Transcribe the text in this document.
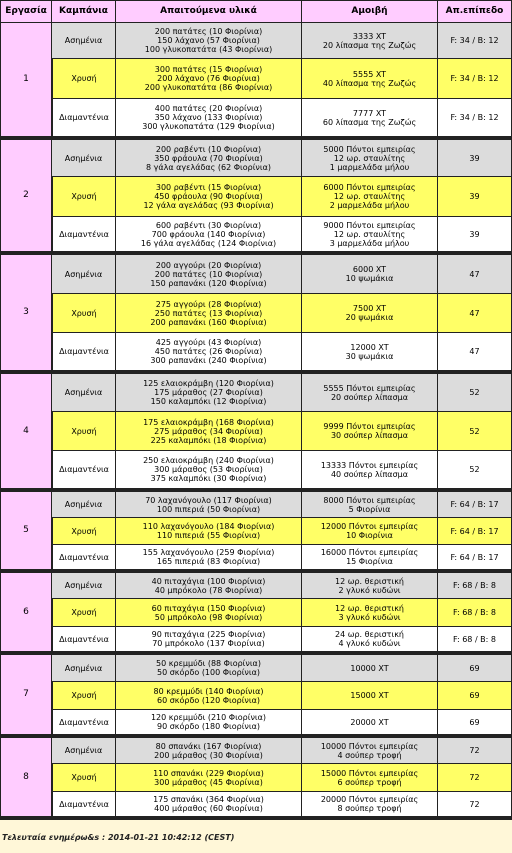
Εργασία	Καμπάνια	Απαιτούμενα υλικά	Αμοιβή	Απ.επίπεδο
1	Ασημένια	200 πατάτες (10 Φιορίνια)
150 λάχανο (57 Φιορίνια)
100 γλυκοπατάτα (43 Φιορίνια)	3333 XT
20 λίπασμα της Ζωζώς	F: 34 / B: 12
	Χρυσή	300 πατάτες (15 Φιορίνια)
200 λάχανο (76 Φιορίνια)
200 γλυκοπατάτα (86 Φιορίνια)	5555 XT
40 λίπασμα της Ζωζώς	F: 34 / B: 12
	Διαμαντένια	400 πατάτες (20 Φιορίνια)
350 λάχανο (133 Φιορίνια)
300 γλυκοπατάτα (129 Φιορίνια)	7777 XT
60 λίπασμα της Ζωζώς	F: 34 / B: 12
2	Ασημένια	200 ραβέντι (10 Φιορίνια)
350 φράουλα (70 Φιορίνια)
8 γάλα αγελάδας (62 Φιορίνια)	5000 Πόντοι εμπειρίας
12 ωρ. σταυλίτης
1 μαρμελάδα μήλου	39
	Χρυσή	300 ραβέντι (15 Φιορίνια)
450 φράουλα (90 Φιορίνια)
12 γάλα αγελάδας (93 Φιορίνια)	6000 Πόντοι εμπειρίας
12 ωρ. σταυλίτης
2 μαρμελάδα μήλου	39
	Διαμαντένια	600 ραβέντι (30 Φιορίνια)
700 φράουλα (140 Φιορίνια)
16 γάλα αγελάδας (124 Φιορίνια)	9000 Πόντοι εμπειρίας
12 ωρ. σταυλίτης
3 μαρμελάδα μήλου	39
3	Ασημένια	200 αγγούρι (20 Φιορίνια)
200 πατάτες (10 Φιορίνια)
150 ραπανάκι (120 Φιορίνια)	6000 XT
10 ψωμάκια	47
	Χρυσή	275 αγγούρι (28 Φιορίνια)
250 πατάτες (13 Φιορίνια)
200 ραπανάκι (160 Φιορίνια)	7500 XT
20 ψωμάκια	47
	Διαμαντένια	425 αγγούρι (43 Φιορίνια)
450 πατάτες (26 Φιορίνια)
300 ραπανάκι (240 Φιορίνια)	12000 XT
30 ψωμάκια	47
4	Ασημένια	125 ελαιοκράμβη (120 Φιορίνια)
175 μάραθος (27 Φιορίνια)
150 καλαμπόκι (12 Φιορίνια)	5555 Πόντοι εμπειρίας
20 σούπερ λίπασμα	52
	Χρυσή	175 ελαιοκράμβη (168 Φιορίνια)
275 μάραθος (34 Φιορίνια)
225 καλαμπόκι (18 Φιορίνια)	9999 Πόντοι εμπειρίας
30 σούπερ λίπασμα	52
	Διαμαντένια	250 ελαιοκράμβη (240 Φιορίνια)
300 μάραθος (53 Φιορίνια)
375 καλαμπόκι (30 Φιορίνια)	13333 Πόντοι εμπειρίας
40 σούπερ λίπασμα	52
5	Ασημένια	70 λαχανόγουλο (117 Φιορίνια)
100 πιπεριά (50 Φιορίνια)	8000 Πόντοι εμπειρίας
5 Φιορίνια	F: 64 / B: 17
	Χρυσή	110 λαχανόγουλο (184 Φιορίνια)
110 πιπεριά (55 Φιορίνια)	12000 Πόντοι εμπειρίας
10 Φιορίνια	F: 64 / B: 17
	Διαμαντένια	155 λαχανόγουλο (259 Φιορίνια)
165 πιπεριά (83 Φιορίνια)	16000 Πόντοι εμπειρίας
15 Φιορίνια	F: 64 / B: 17
6	Ασημένια	40 πιταχάγια (100 Φιορίνια)
40 μπρόκολο (78 Φιορίνια)	12 ωρ. θεριστική
2 γλυκό κυδώνι	F: 68 / B: 8
	Χρυσή	60 πιταχάγια (150 Φιορίνια)
50 μπρόκολο (98 Φιορίνια)	12 ωρ. θεριστική
3 γλυκό κυδώνι	F: 68 / B: 8
	Διαμαντένια	90 πιταχάγια (225 Φιορίνια)
70 μπρόκολο (137 Φιορίνια)	24 ωρ. θεριστική
4 γλυκό κυδώνι	F: 68 / B: 8
7	Ασημένια	50 κρεμμύδι (88 Φιορίνια)
50 σκόρδο (100 Φιορίνια)	10000 XT	69
	Χρυσή	80 κρεμμύδι (140 Φιορίνια)
60 σκόρδο (120 Φιορίνια)	15000 XT	69
	Διαμαντένια	120 κρεμμύδι (210 Φιορίνια)
90 σκόρδο (180 Φιορίνια)	20000 XT	69
8	Ασημένια	80 σπανάκι (167 Φιορίνια)
200 μάραθος (30 Φιορίνια)	10000 Πόντοι εμπειρίας
4 σούπερ τροφή	72
	Χρυσή	110 σπανάκι (229 Φιορίνια)
300 μάραθος (45 Φιορίνια)	15000 Πόντοι εμπειρίας
6 σούπερ τροφή	72
	Διαμαντένια	175 σπανάκι (364 Φιορίνια)
400 μάραθος (60 Φιορίνια)	20000 Πόντοι εμπειρίας
8 σούπερ τροφή	72
Τελευταία ενημέρω&s : 2014-01-21 10:42:12 (CEST)
